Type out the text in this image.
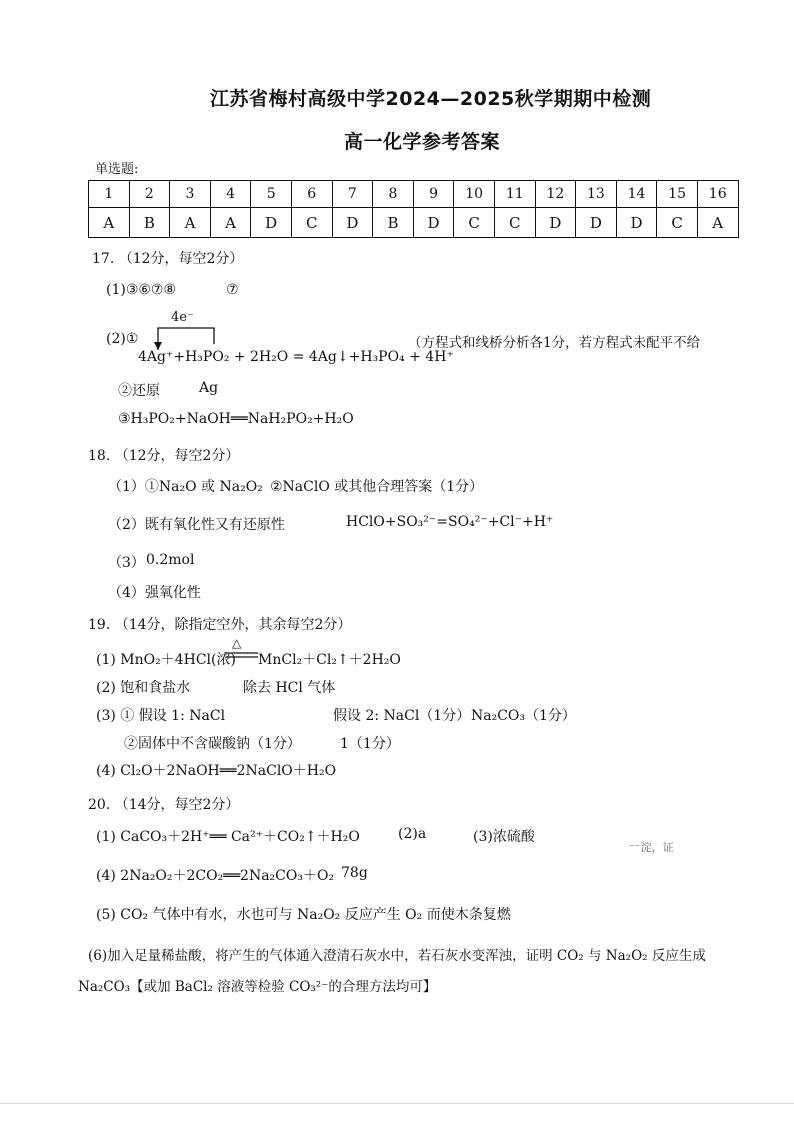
江苏省梅村高级中学2024—2025秋学期期中检测
高一化学参考答案
单选题:
1	2	3	4	5	6	7	8	9	10	11	12	13	14	15	16
A	B	A	A	D	C	D	B	D	C	C	D	D	D	C	A
17. （12分，每空2分）
(1)③⑥⑦⑧	⑦
(2)①
4e⁻
4Ag⁺+H₃PO₂ + 2H₂O = 4Ag↓+H₃PO₄ + 4H⁺
（方程式和线桥分析各1分，若方程式未配平不给
②还原	Ag
③H₃PO₂+NaOH══NaH₂PO₂+H₂O
18. （12分，每空2分）
（1）①Na₂O 或 Na₂O₂ ②NaClO 或其他合理答案（1分）
（2）既有氧化性又有还原性	HClO+SO₃²⁻=SO₄²⁻+Cl⁻+H⁺
（3） 0.2mol
（4）强氧化性
19. （14分，除指定空外，其余每空2分）
(1) MnO₂＋4HCl(浓)
△
MnCl₂＋Cl₂↑＋2H₂O
(2) 饱和食盐水	除去 HCl 气体
(3) ① 假设 1: NaCl	假设 2: NaCl（1分） Na₂CO₃（1分）
②固体中不含碳酸钠（1分）	1（1分）
(4) Cl₂O＋2NaOH══2NaClO＋H₂O
20. （14分，每空2分）
(1) CaCO₃＋2H⁺══ Ca²⁺＋CO₂↑＋H₂O	(2)a	(3)浓硫酸
⁻⁻淀，证
(4) 2Na₂O₂＋2CO₂══2Na₂CO₃＋O₂ 78g
(5) CO₂ 气体中有水，水也可与 Na₂O₂ 反应产生 O₂ 而使木条复燃
(6)加入足量稀盐酸，将产生的气体通入澄清石灰水中，若石灰水变浑浊，证明 CO₂ 与 Na₂O₂ 反应生成
Na₂CO₃【或加 BaCl₂ 溶液等检验 CO₃²⁻的合理方法均可】
